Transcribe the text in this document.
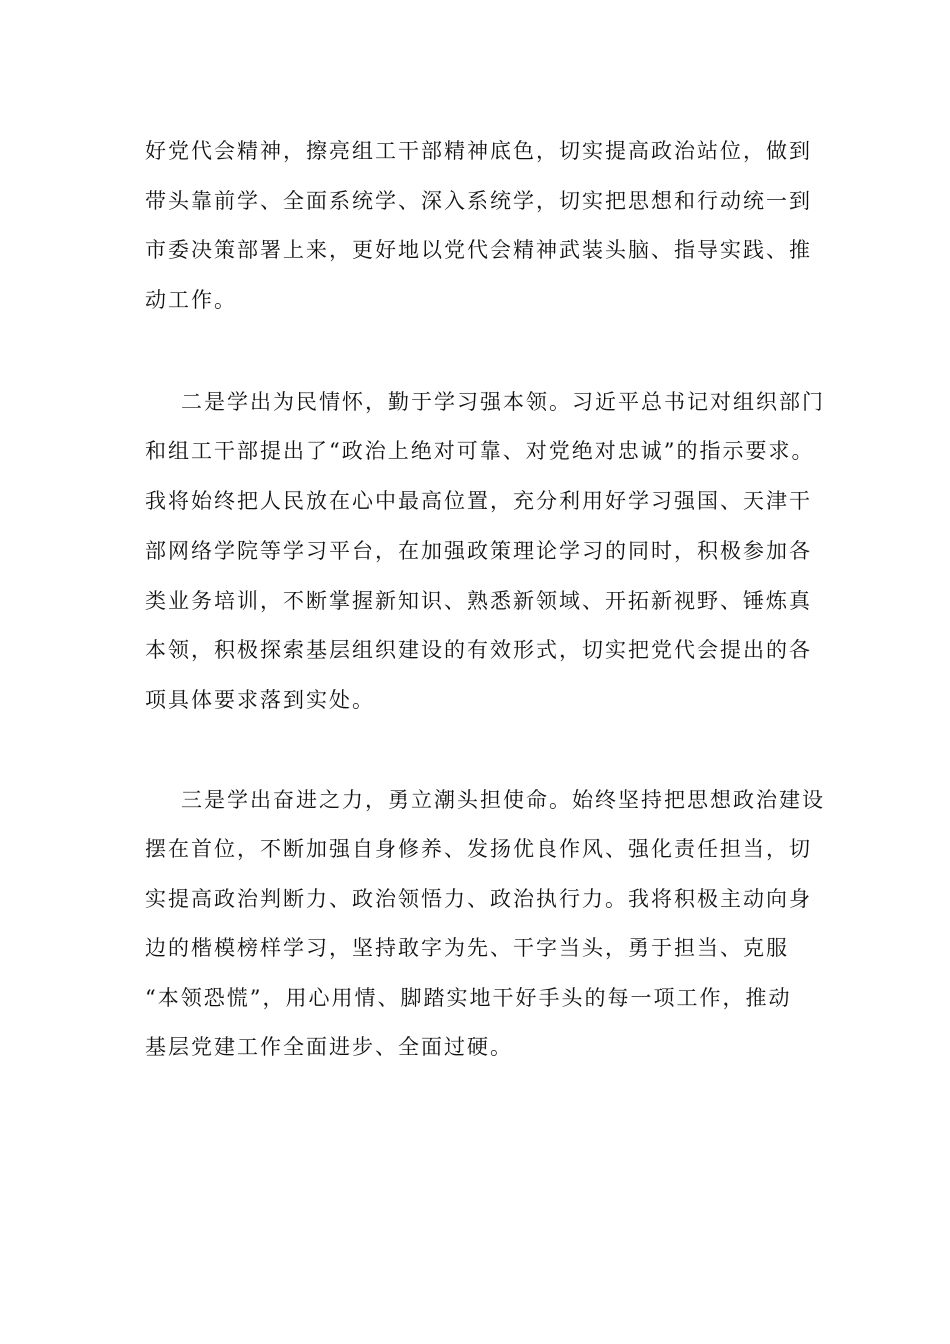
好党代会精神，擦亮组工干部精神底色，切实提高政治站位，做到
带头靠前学、全面系统学、深入系统学，切实把思想和行动统一到
市委决策部署上来，更好地以党代会精神武装头脑、指导实践、推
动工作。
二是学出为民情怀，勤于学习强本领。习近平总书记对组织部门
和组工干部提出了“政治上绝对可靠、对党绝对忠诚”的指示要求。
我将始终把人民放在心中最高位置，充分利用好学习强国、天津干
部网络学院等学习平台，在加强政策理论学习的同时，积极参加各
类业务培训，不断掌握新知识、熟悉新领域、开拓新视野、锤炼真
本领，积极探索基层组织建设的有效形式，切实把党代会提出的各
项具体要求落到实处。
三是学出奋进之力，勇立潮头担使命。始终坚持把思想政治建设
摆在首位，不断加强自身修养、发扬优良作风、强化责任担当，切
实提高政治判断力、政治领悟力、政治执行力。我将积极主动向身
边的楷模榜样学习，坚持敢字为先、干字当头，勇于担当、克服
“本领恐慌”，用心用情、脚踏实地干好手头的每一项工作，推动
基层党建工作全面进步、全面过硬。
